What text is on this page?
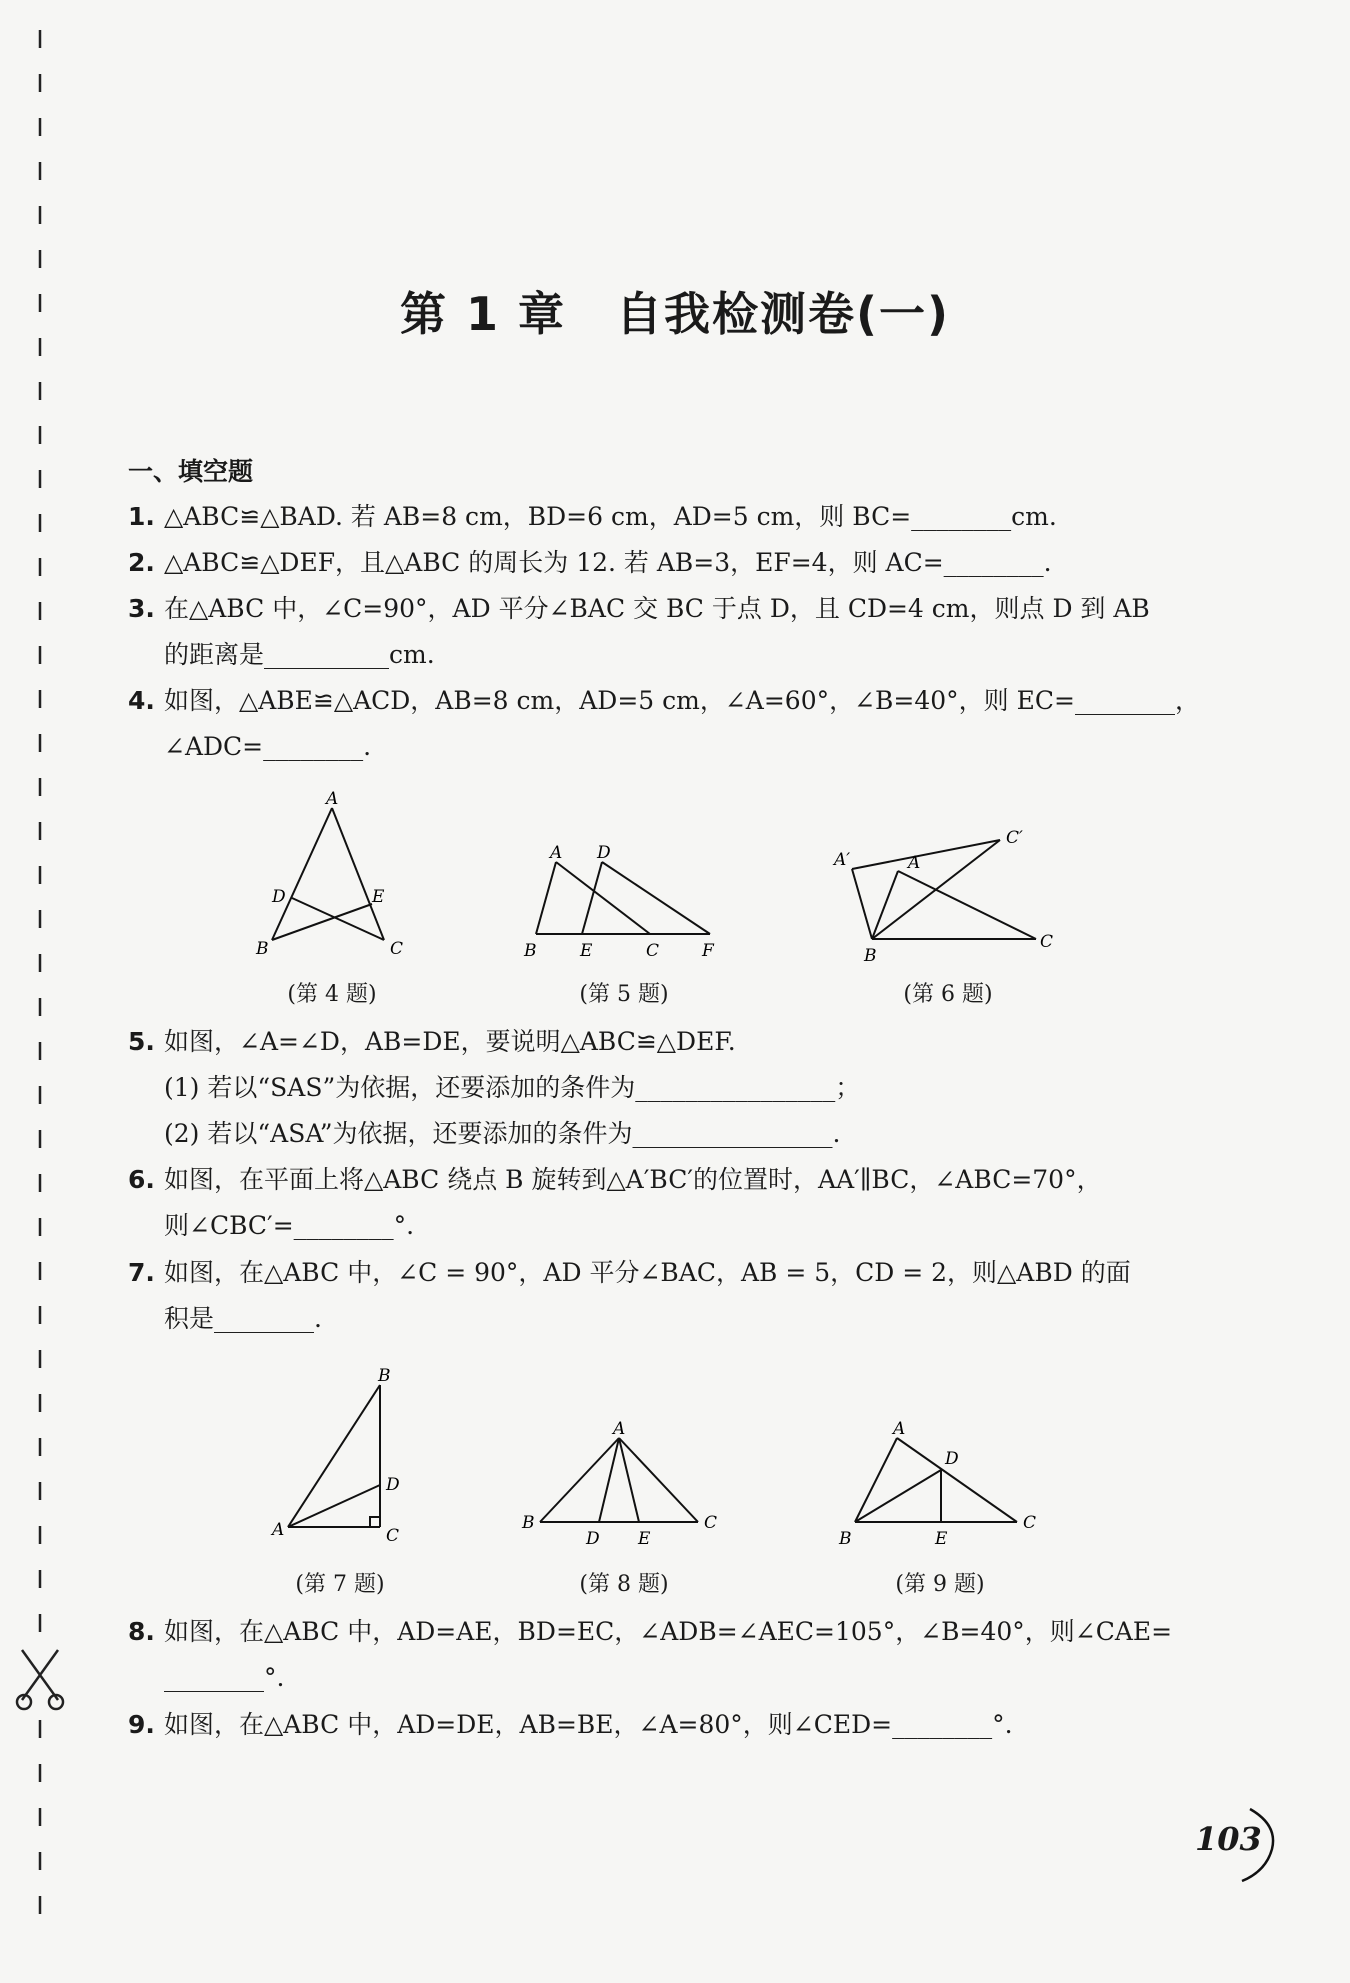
第 1 章 自我检测卷(一)
一、填空题
1. △ABC≌△BAD. 若 AB=8 cm，BD=6 cm，AD=5 cm，则 BC=________cm.
2. △ABC≌△DEF，且△ABC 的周长为 12. 若 AB=3，EF=4，则 AC=________.
3. 在△ABC 中，∠C=90°，AD 平分∠BAC 交 BC 于点 D，且 CD=4 cm，则点 D 到 AB
的距离是__________cm.
4. 如图，△ABE≌△ACD，AB=8 cm，AD=5 cm，∠A=60°，∠B=40°，则 EC=________，
∠ADC=________.
A
D	E
B	C
(第 4 题)
A D
B	E	C	F
(第 5 题)
A′
C′
A
B
C
(第 6 题)
5. 如图，∠A=∠D，AB=DE，要说明△ABC≌△DEF.
(1) 若以“SAS”为依据，还要添加的条件为________________；
(2) 若以“ASA”为依据，还要添加的条件为________________.
6. 如图，在平面上将△ABC 绕点 B 旋转到△A′BC′的位置时，AA′∥BC，∠ABC=70°，
则∠CBC′=________°.
7. 如图，在△ABC 中，∠C = 90°，AD 平分∠BAC，AB = 5，CD = 2，则△ABD 的面
积是________.
B
D
A	C
(第 7 题)
A
B	C
D E
(第 8 题)
A
D
B	E
C
(第 9 题)
8. 如图，在△ABC 中，AD=AE，BD=EC，∠ADB=∠AEC=105°，∠B=40°，则∠CAE=
________°.
9. 如图，在△ABC 中，AD=DE，AB=BE，∠A=80°，则∠CED=________°.
103
